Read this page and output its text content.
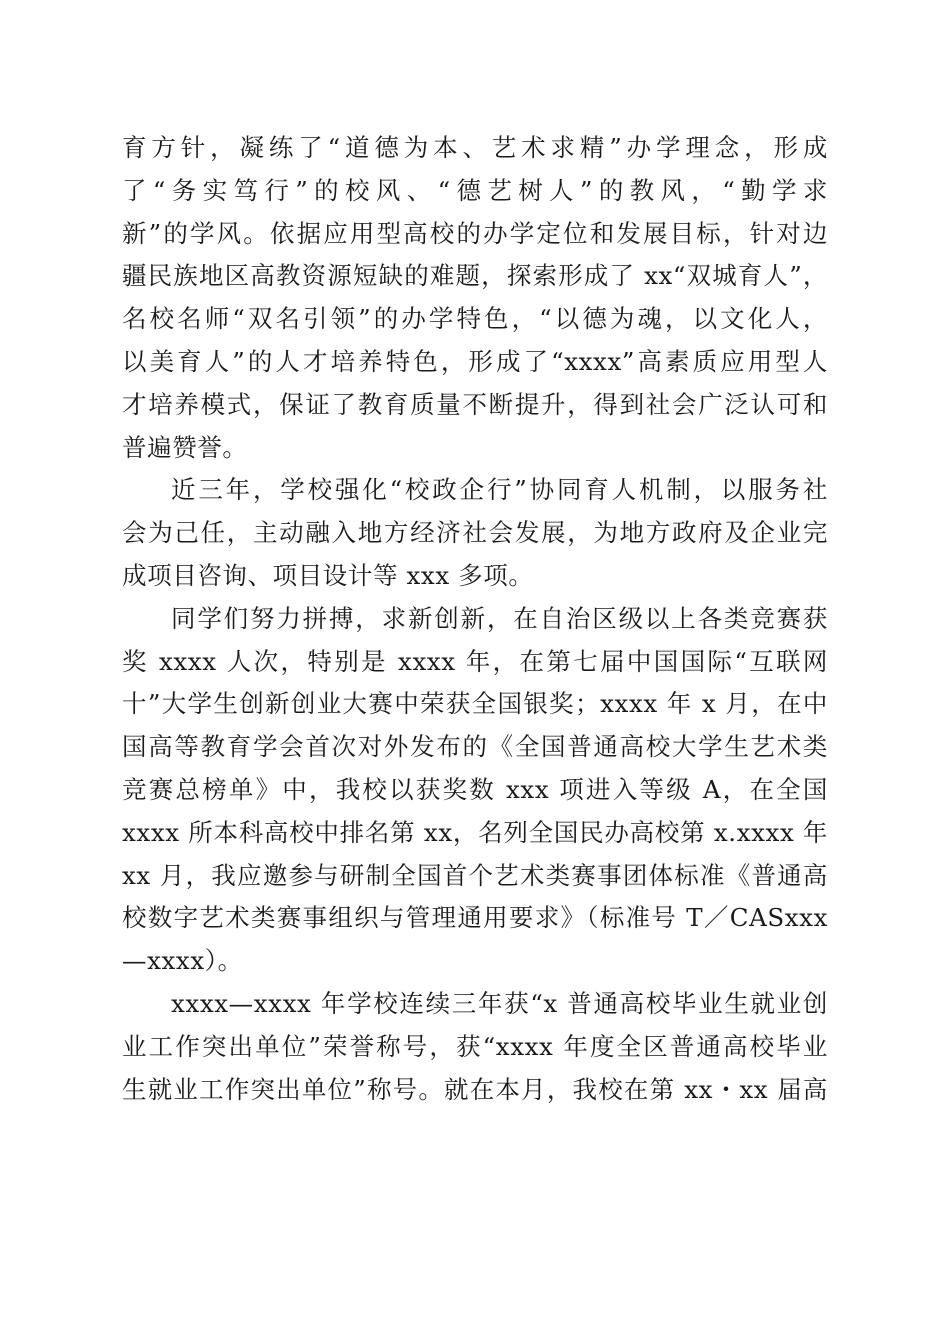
育方针，凝练了“道德为本、艺术求精”办学理念，形成
了“务实笃行”的校风、“德艺树人”的教风，“勤学求
新”的学风。依据应用型高校的办学定位和发展目标，针对边
疆民族地区高教资源短缺的难题，探索形成了 xx“双城育人”，
名校名师“双名引领”的办学特色，“以德为魂，以文化人，
以美育人”的人才培养特色，形成了“xxxx”高素质应用型人
才培养模式，保证了教育质量不断提升，得到社会广泛认可和
普遍赞誉。
近三年，学校强化“校政企行”协同育人机制，以服务社
会为己任，主动融入地方经济社会发展，为地方政府及企业完
成项目咨询、项目设计等 xxx 多项。
同学们努力拼搏，求新创新，在自治区级以上各类竞赛获
奖 xxxx 人次，特别是 xxxx 年，在第七届中国国际“互联网
十”大学生创新创业大赛中荣获全国银奖；xxxx 年 x 月，在中
国高等教育学会首次对外发布的《全国普通高校大学生艺术类
竞赛总榜单》中，我校以获奖数 xxx 项进入等级 A，在全国
xxxx 所本科高校中排名第 xx，名列全国民办高校第 x.xxxx 年
xx 月，我应邀参与研制全国首个艺术类赛事团体标准《普通高
校数字艺术类赛事组织与管理通用要求》（标准号 T／CASxxx
—xxxx）。
xxxx—xxxx 年学校连续三年获“x 普通高校毕业生就业创
业工作突出单位”荣誉称号，获“xxxx 年度全区普通高校毕业
生就业工作突出单位”称号。就在本月，我校在第 xx・xx 届高
